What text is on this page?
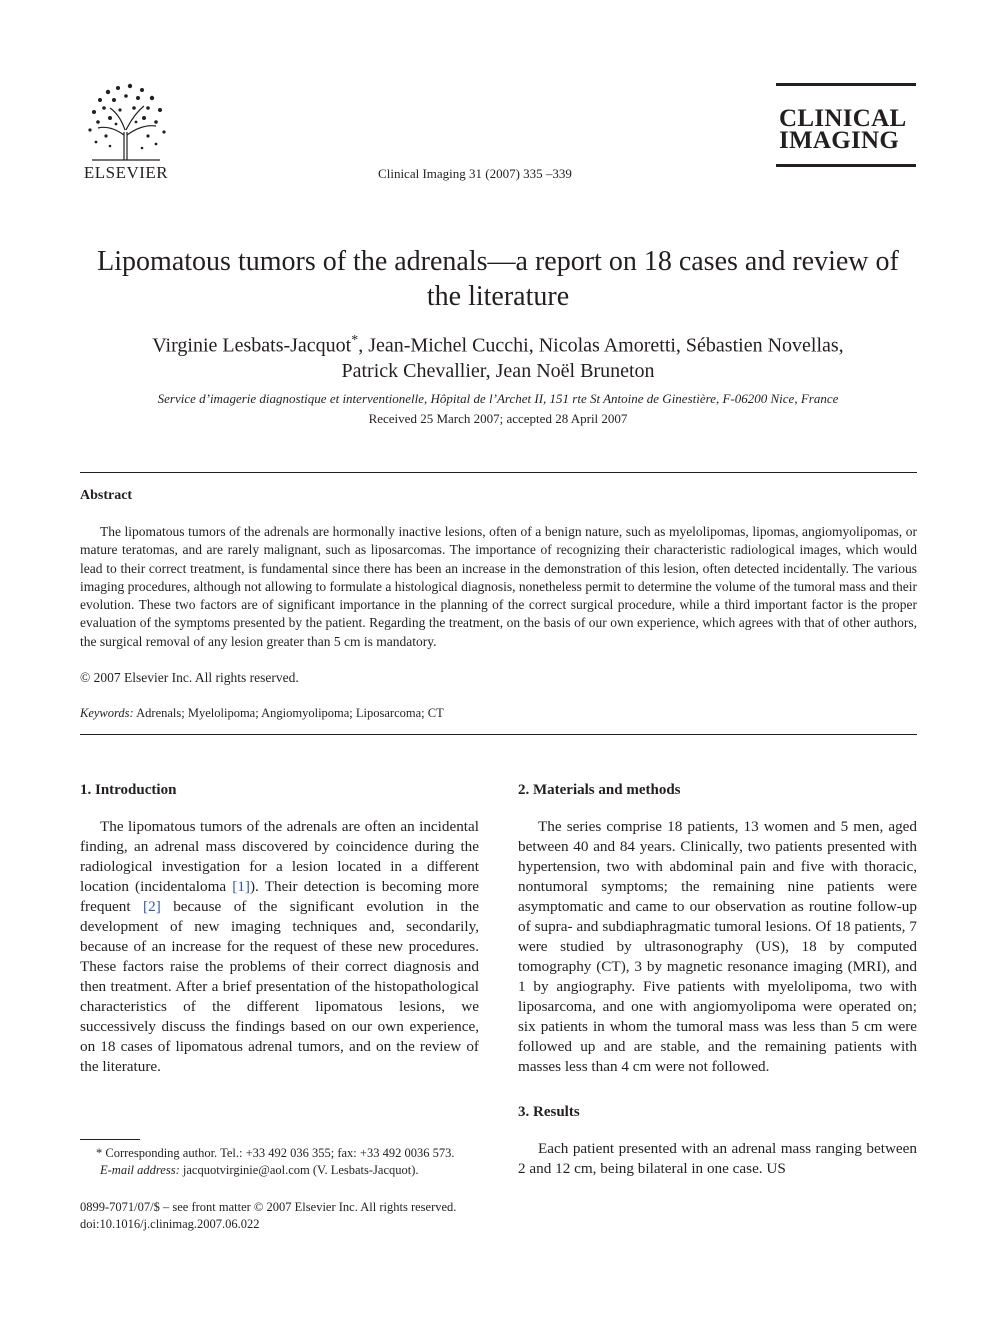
ELSEVIER	Clinical Imaging 31 (2007) 335 –339
CLINICAL
IMAGING
Lipomatous tumors of the adrenals—a report on 18 cases and review of the literature
Virginie Lesbats-Jacquot*, Jean-Michel Cucchi, Nicolas Amoretti, Sébastien Novellas,
Patrick Chevallier, Jean Noël Bruneton
Service d’imagerie diagnostique et interventionelle, Hôpital de l’Archet II, 151 rte St Antoine de Ginestière, F-06200 Nice, France
Received 25 March 2007; accepted 28 April 2007
Abstract

The lipomatous tumors of the adrenals are hormonally inactive lesions, often of a benign nature, such as myelolipomas, lipomas, angiomyolipomas, or mature teratomas, and are rarely malignant, such as liposarcomas. The importance of recognizing their characteristic radiological images, which would lead to their correct treatment, is fundamental since there has been an increase in the demonstration of this lesion, often detected incidentally. The various imaging procedures, although not allowing to formulate a histological diagnosis, nonetheless permit to determine the volume of the tumoral mass and their evolution. These two factors are of significant importance in the planning of the correct surgical procedure, while a third important factor is the proper evaluation of the symptoms presented by the patient. Regarding the treatment, on the basis of our own experience, which agrees with that of other authors, the surgical removal of any lesion greater than 5 cm is mandatory.

© 2007 Elsevier Inc. All rights reserved.
Keywords: Adrenals; Myelolipoma; Angiomyolipoma; Liposarcoma; CT
1. Introduction

The lipomatous tumors of the adrenals are often an incidental finding, an adrenal mass discovered by coincidence during the radiological investigation for a lesion located in a different location (incidentaloma [1]). Their detection is becoming more frequent [2] because of the significant evolution in the development of new imaging techniques and, secondarily, because of an increase for the request of these new procedures. These factors raise the problems of their correct diagnosis and then treatment. After a brief presentation of the histopathological characteristics of the different lipomatous lesions, we successively discuss the findings based on our own experience, on 18 cases of lipomatous adrenal tumors, and on the review of the literature.

2. Materials and methods

The series comprise 18 patients, 13 women and 5 men, aged between 40 and 84 years. Clinically, two patients presented with hypertension, two with abdominal pain and five with thoracic, nontumoral symptoms; the remaining nine patients were asymptomatic and came to our observation as routine follow-up of supra- and subdiaphragmatic tumoral lesions. Of 18 patients, 7 were studied by ultrasonography (US), 18 by computed tomography (CT), 3 by magnetic resonance imaging (MRI), and 1 by angiography. Five patients with myelolipoma, two with liposarcoma, and one with angiomyolipoma were operated on; six patients in whom the tumoral mass was less than 5 cm were followed up and are stable, and the remaining patients with masses less than 4 cm were not followed.

3. Results

Each patient presented with an adrenal mass ranging between 2 and 12 cm, being bilateral in one case. US

* Corresponding author. Tel.: +33 492 036 355; fax: +33 492 0036 573.
E-mail address: jacquotvirginie@aol.com (V. Lesbats-Jacquot).
0899-7071/07/$ – see front matter © 2007 Elsevier Inc. All rights reserved.
doi:10.1016/j.clinimag.2007.06.022
